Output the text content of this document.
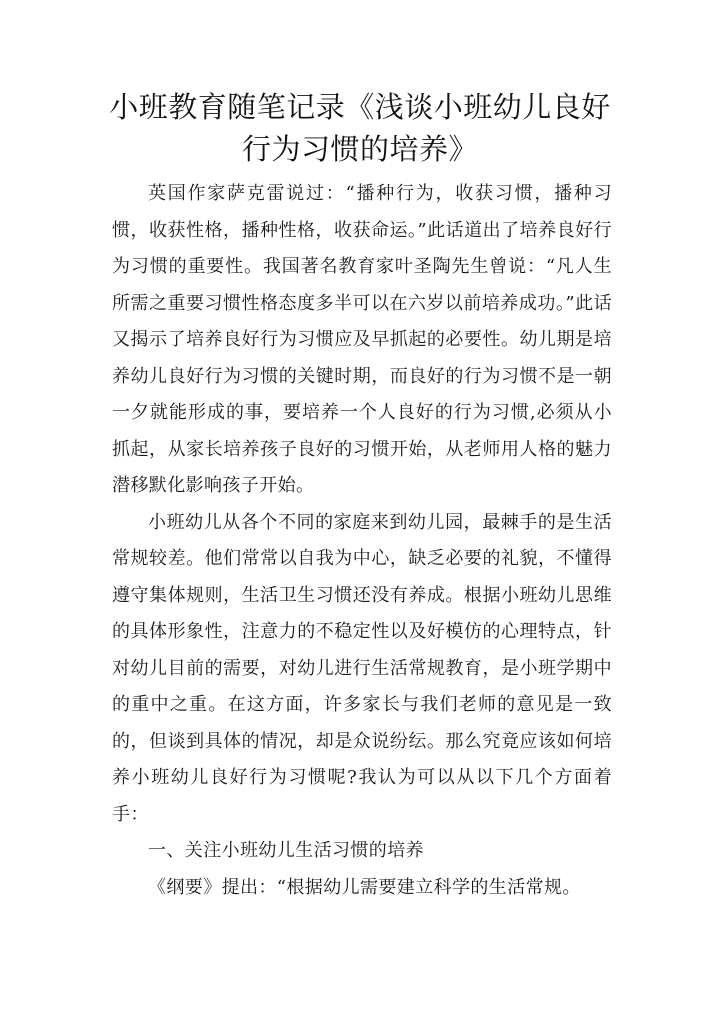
小班教育随笔记录《浅谈小班幼儿良好行为习惯的培养》

英国作家萨克雷说过：“播种行为，收获习惯，播种习惯，收获性格，播种性格，收获命运。”此话道出了培养良好行为习惯的重要性。我国著名教育家叶圣陶先生曾说：“凡人生所需之重要习惯性格态度多半可以在六岁以前培养成功。”此话又揭示了培养良好行为习惯应及早抓起的必要性。幼儿期是培养幼儿良好行为习惯的关键时期，而良好的行为习惯不是一朝一夕就能形成的事，要培养一个人良好的行为习惯,必须从小抓起，从家长培养孩子良好的习惯开始，从老师用人格的魅力潜移默化影响孩子开始。

小班幼儿从各个不同的家庭来到幼儿园，最棘手的是生活常规较差。他们常常以自我为中心，缺乏必要的礼貌，不懂得遵守集体规则，生活卫生习惯还没有养成。根据小班幼儿思维的具体形象性，注意力的不稳定性以及好模仿的心理特点，针对幼儿目前的需要，对幼儿进行生活常规教育，是小班学期中的重中之重。在这方面，许多家长与我们老师的意见是一致的，但谈到具体的情况，却是众说纷纭。那么究竟应该如何培养小班幼儿良好行为习惯呢?我认为可以从以下几个方面着手：

一、关注小班幼儿生活习惯的培养

《纲要》提出：“根据幼儿需要建立科学的生活常规。
